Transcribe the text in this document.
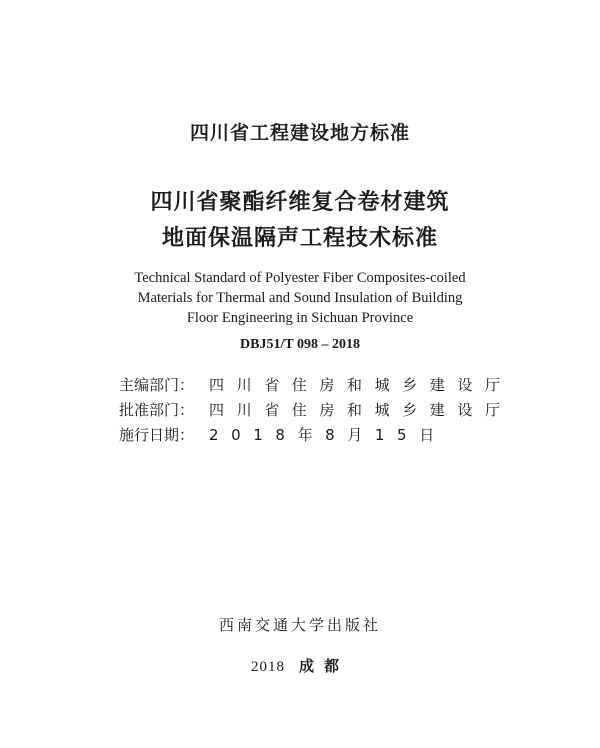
四川省工程建设地方标准
四川省聚酯纤维复合卷材建筑
地面保温隔声工程技术标准
Technical Standard of Polyester Fiber Composites-coiled
Materials for Thermal and Sound Insulation of Building
Floor Engineering in Sichuan Province
DBJ51/T 098 – 2018
主编部门： 四川省住房和城乡建设厅
批准部门： 四川省住房和城乡建设厅
施行日期： 2018年8月15日
西南交通大学出版社
2018 成都
